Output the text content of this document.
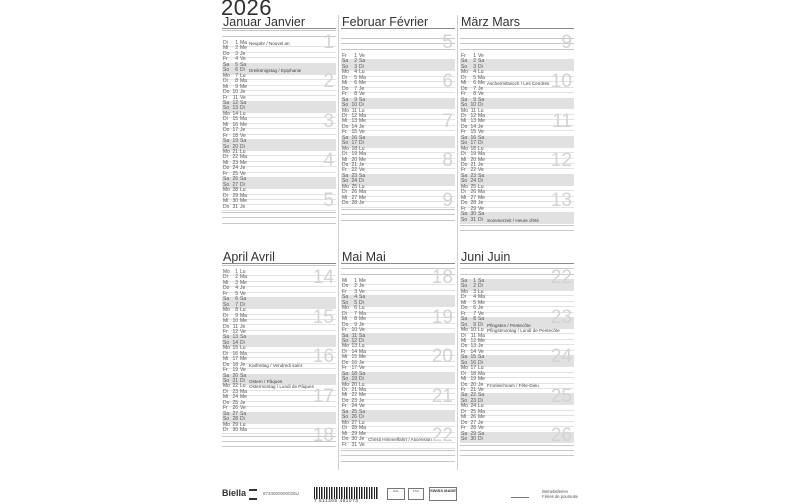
2026
Januar Janvier
Di	1 Ma Neujahr / Nouvel an
Mi	2 Me
Do	3 Je
Fr	4 Ve
Sa	5 Sa
So	6 Di Dreikönigstag / Epiphanie
Mo	7 Lu
Di	8 Ma
Mi	9 Me
Do 10 Je
Fr 11 Ve
Sa 12 Sa
So 13 Di
Mo 14 Lu
Di 15 Ma
Mi 16 Me
Do 17 Je
Fr 18 Ve
Sa 19 Sa
So 20 Di
Mo 21 Lu
Di 22 Ma
Mi 23 Me
Do 24 Je
Fr 25 Ve
Sa 26 Sa
So 27 Di
Mo 28 Lu
Di 29 Ma
Mi 30 Me
Do 31 Je
1
2
3
4
5
Februar Février
Fr	1 Ve
Sa	2 Sa
So	3 Di
Mo	4 Lu
Di	5 Ma
Mi	6 Me
Do	7 Je
Fr	8 Ve
Sa	9 Sa
So 10 Di
Mo 11 Lu
Di 12 Ma
Mi 13 Me
Do 14 Je
Fr 15 Ve
Sa 16 Sa
So 17 Di
Mo 18 Lu
Di 19 Ma
Mi 20 Me
Do 21 Je
Fr 22 Ve
Sa 23 Sa
So 24 Di
Mo 25 Lu
Di 26 Ma
Mi 27 Me
Do 28 Je
5
6
7
8
9
März Mars
Fr	1 Ve
Sa	2 Sa
So	3 Di
Mo	4 Lu
Di	5 Ma
Mi	6 Me Aschermittwoch / Les Cendres
Do	7 Je
Fr	8 Ve
Sa	9 Sa
So 10 Di
Mo 11 Lu
Di 12 Ma
Mi 13 Me
Do 14 Je
Fr 15 Ve
Sa 16 Sa
So 17 Di
Mo 18 Lu
Di 19 Ma
Mi 20 Me
Do 21 Je
Fr 22 Ve
Sa 23 Sa
So 24 Di
Mo 25 Lu
Di 26 Ma
Mi 27 Me
Do 28 Je
Fr 29 Ve
Sa 30 Sa
So 31 Di Sommerzeit / Heure d'été
9
10
11
12
13
April Avril
Mo	1 Lu
Di	2 Ma
Mi	3 Me
Do	4 Je
Fr	5 Ve
Sa	6 Sa
So	7 Di
Mo	8 Lu
Di	9 Ma
Mi 10 Me
Do 11 Je
Fr 12 Ve
Sa 13 Sa
So 14 Di
Mo 15 Lu
Di 16 Ma
Mi 17 Me
Do 18 Je Karfreitag / Vendredi saint
Fr 19 Ve
Sa 20 Sa
So 21 Di Ostern / Pâques
Mo 22 Lu Ostermontag / Lundi de Pâques
Di 23 Ma
Mi 24 Me
Do 25 Je
Fr 26 Ve
Sa 27 Sa
So 28 Di
Mo 29 Lu
Di 30 Ma
14
15
16
17
18
Mai Mai
Mi	1 Me
Do	2 Je
Fr	3 Ve
Sa	4 Sa
So	5 Di
Mo	6 Lu
Di	7 Ma
Mi	8 Me
Do	9 Je
Fr 10 Ve
Sa 11 Sa
So 12 Di
Mo 13 Lu
Di 14 Ma
Mi 15 Me
Do 16 Je
Fr 17 Ve
Sa 18 Sa
So 19 Di
Mo 20 Lu
Di 21 Ma
Mi 22 Me
Do 23 Je
Fr 24 Ve
Sa 25 Sa
So 26 Di
Mo 27 Lu
Di 28 Ma
Mi 29 Me
Do 30 Je Christi Himmelfahrt / Ascension
Fr 31 Ve
18
19
20
21
22
Juni Juin
Sa	1 Sa
So	2 Di
Mo	3 Lu
Di	4 Ma
Mi	5 Me
Do	6 Je
Fr	7 Ve
Sa	8 Sa
So	9 Di Pfingsten / Pentecôte
Mo 10 Lu Pfingstmontag / Lundi de Pentecôte
Di 11 Ma
Mi 12 Me
Do 13 Je
Fr 14 Ve
Sa 15 Sa
So 16 Di
Mo 17 Lu
Di 18 Ma
Mi 19 Me
Do 20 Je Fronleichnam / Fête-Dieu
Fr 21 Ve
Sa 22 Sa
So 23 Di
Mo 24 Lu
Di 25 Ma
Mi 26 Me
Do 27 Je
Fr 28 Ve
Sa 29 Sa
So 30 Di
22
23
24
25
26
Biella	8734000000026U
7 611365 461073
RAL	FSC	SWISS MADE	Betriebsferien
Fêries de poursuite
